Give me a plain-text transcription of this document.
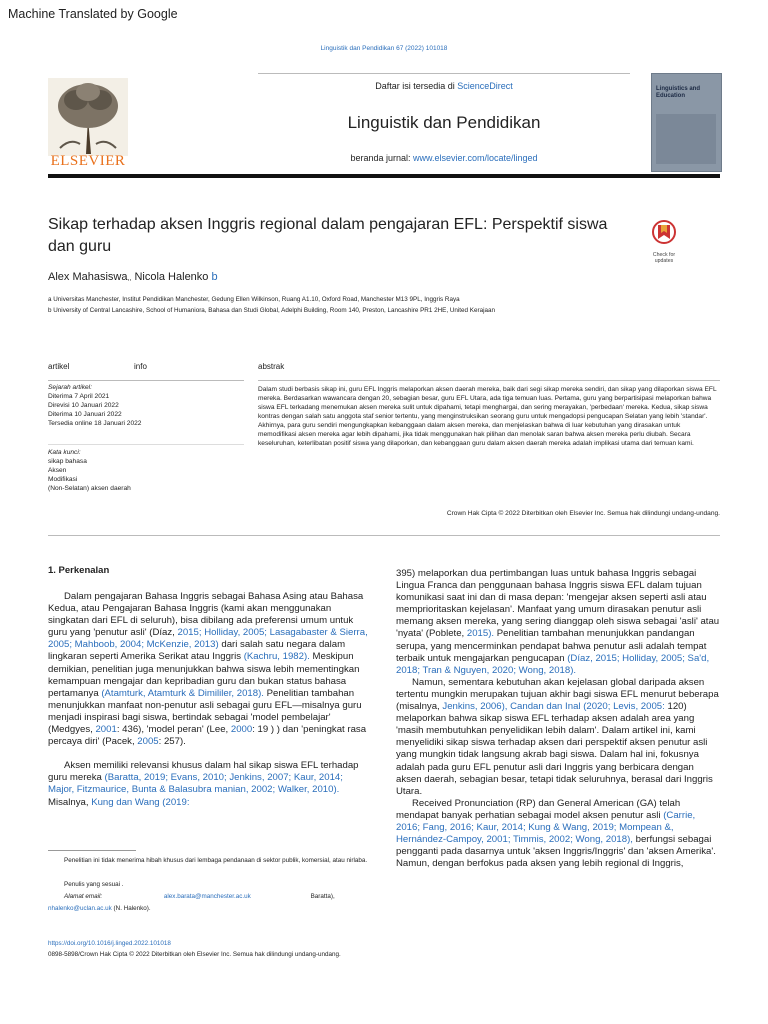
Machine Translated by Google
Linguistik dan Pendidikan 67 (2022) 101018
ELSEVIER
Daftar isi tersedia di ScienceDirect
Linguistik dan Pendidikan
beranda jurnal: www.elsevier.com/locate/linged
Linguistics and Education
Sikap terhadap aksen Inggris regional dalam pengajaran EFL: Perspektif siswa dan guru	Check for updates
Alex Mahasiswa,, Nicola Halenko b
a Universitas Manchester, Institut Pendidikan Manchester, Gedung Ellen Wilkinson, Ruang A1.10, Oxford Road, Manchester M13 9PL, Inggris Raya
b University of Central Lancashire, School of Humaniora, Bahasa dan Studi Global, Adelphi Building, Room 140, Preston, Lancashire PR1 2HE, United Kerajaan
artikel	info	abstrak
Sejarah artikel:
Diterima 7 April 2021
Direvisi 10 Januari 2022
Diterima 10 Januari 2022
Tersedia online 18 Januari 2022
Kata kunci:
sikap bahasa
Aksen
Modifikasi
(Non-Selatan) aksen daerah
Dalam studi berbasis sikap ini, guru EFL Inggris melaporkan aksen daerah mereka, baik dari segi sikap mereka sendiri, dan sikap yang dilaporkan siswa EFL mereka. Berdasarkan wawancara dengan 20, sebagian besar, guru EFL Utara, ada tiga temuan luas. Pertama, guru yang berpartisipasi melaporkan bahwa siswa EFL terkadang menemukan aksen mereka sulit untuk dipahami, tetapi menghargai, dan sering merayakan, 'perbedaan' mereka. Kedua, sikap siswa kontras dengan salah satu anggota staf senior tertentu, yang menginstruksikan seorang guru untuk mengadopsi pengucapan Selatan yang lebih 'standar'. Akhirnya, para guru sendiri mengungkapkan kebanggaan dalam aksen mereka, dan menjelaskan bahwa di luar kebutuhan yang dirasakan untuk memodifikasi aksen mereka agar lebih dipahami, jika tidak menggunakan hak pilihan dan menolak saran bahwa aksen mereka perlu diubah. Secara keseluruhan, keterlibatan positif siswa yang dilaporkan, dan kebanggaan guru dalam aksen daerah mereka adalah implikasi utama dari temuan kami.
Crown Hak Cipta © 2022 Diterbitkan oleh Elsevier Inc. Semua hak dilindungi undang-undang.
1. Perkenalan

Dalam pengajaran Bahasa Inggris sebagai Bahasa Asing atau Bahasa Kedua, atau Pengajaran Bahasa Inggris (kami akan menggunakan singkatan dari EFL di seluruh), bisa dibilang ada preferensi umum untuk guru yang 'penutur asli' (Díaz, 2015; Holliday, 2005; Lasagabaster & Sierra, 2005; Mahboob, 2004; McKenzie, 2013) dari salah satu negara dalam lingkaran seperti Amerika Serikat atau Inggris (Kachru, 1982). Meskipun demikian, penelitian juga menunjukkan bahwa siswa lebih mementingkan kemampuan mengajar dan kepribadian guru dan bukan status bahasa pertamanya (Atamturk, Atamturk & Dimililer, 2018). Penelitian tambahan menunjukkan manfaat non-penutur asli sebagai guru EFL—misalnya guru menjadi inspirasi bagi siswa, bertindak sebagai 'model pembelajar' (Medgyes, 2001: 436), 'model peran' (Lee, 2000: 19 ) ) dan 'peningkat rasa percaya diri' (Pacek, 2005: 257).

Aksen memiliki relevansi khusus dalam hal sikap siswa EFL terhadap guru mereka (Baratta, 2019; Evans, 2010; Jenkins, 2007; Kaur, 2014; Major, Fitzmaurice, Bunta & Balasubra manian, 2002; Walker, 2010). Misalnya, Kung dan Wang (2019:

395) melaporkan dua pertimbangan luas untuk bahasa Inggris sebagai Lingua Franca dan penggunaan bahasa Inggris siswa EFL dalam tujuan komunikasi saat ini dan di masa depan: 'mengejar aksen seperti asli atau memprioritaskan kejelasan'. Manfaat yang umum dirasakan penutur asli memang aksen mereka, yang sering dianggap oleh siswa sebagai 'asli' atau 'nyata' (Poblete, 2015). Penelitian tambahan menunjukkan pandangan serupa, yang mencerminkan pendapat bahwa penutur asli adalah tempat terbaik untuk mengajarkan pengucapan (Díaz, 2015; Holliday, 2005; Sa'd, 2018; Tran & Nguyen, 2020; Wong, 2018).

Namun, sementara kebutuhan akan kejelasan global daripada aksen tertentu mungkin merupakan tujuan akhir bagi siswa EFL menurut beberapa (misalnya, Jenkins, 2006), Candan dan Inal (2020; Levis, 2005: 120) melaporkan bahwa sikap siswa EFL terhadap aksen adalah area yang 'masih membutuhkan penyelidikan lebih dalam'. Dalam artikel ini, kami menyelidiki sikap siswa terhadap aksen dari perspektif aksen penutur asli yang mungkin tidak langsung akrab bagi siswa. Dalam hal ini, fokusnya adalah pada guru EFL penutur asli dari Inggris yang berbicara dengan aksen daerah, sebagian besar, tetapi tidak seluruhnya, berasal dari Inggris Utara.

Received Pronunciation (RP) dan General American (GA) telah mendapat banyak perhatian sebagai model aksen penutur asli (Carrie, 2016; Fang, 2016; Kaur, 2014; Kung & Wang, 2019; Mompean &, Hernández-Campoy, 2001; Timmis, 2002; Wong, 2018), berfungsi sebagai pengganti pada dasarnya untuk 'aksen Inggris/Inggris' dan 'aksen Amerika'. Namun, dengan berfokus pada aksen yang lebih regional di Inggris,

Penelitian ini tidak menerima hibah khusus dari lembaga pendanaan di sektor publik, komersial, atau nirlaba.
Penulis yang sesuai .
Alamat email:	alex.barata@manchester.ac.uk	Baratta),
nhalenko@uclan.ac.uk (N. Halenko).
https://doi.org/10.1016/j.linged.2022.101018
0898-5898/Crown Hak Cipta © 2022 Diterbitkan oleh Elsevier Inc. Semua hak dilindungi undang-undang.
